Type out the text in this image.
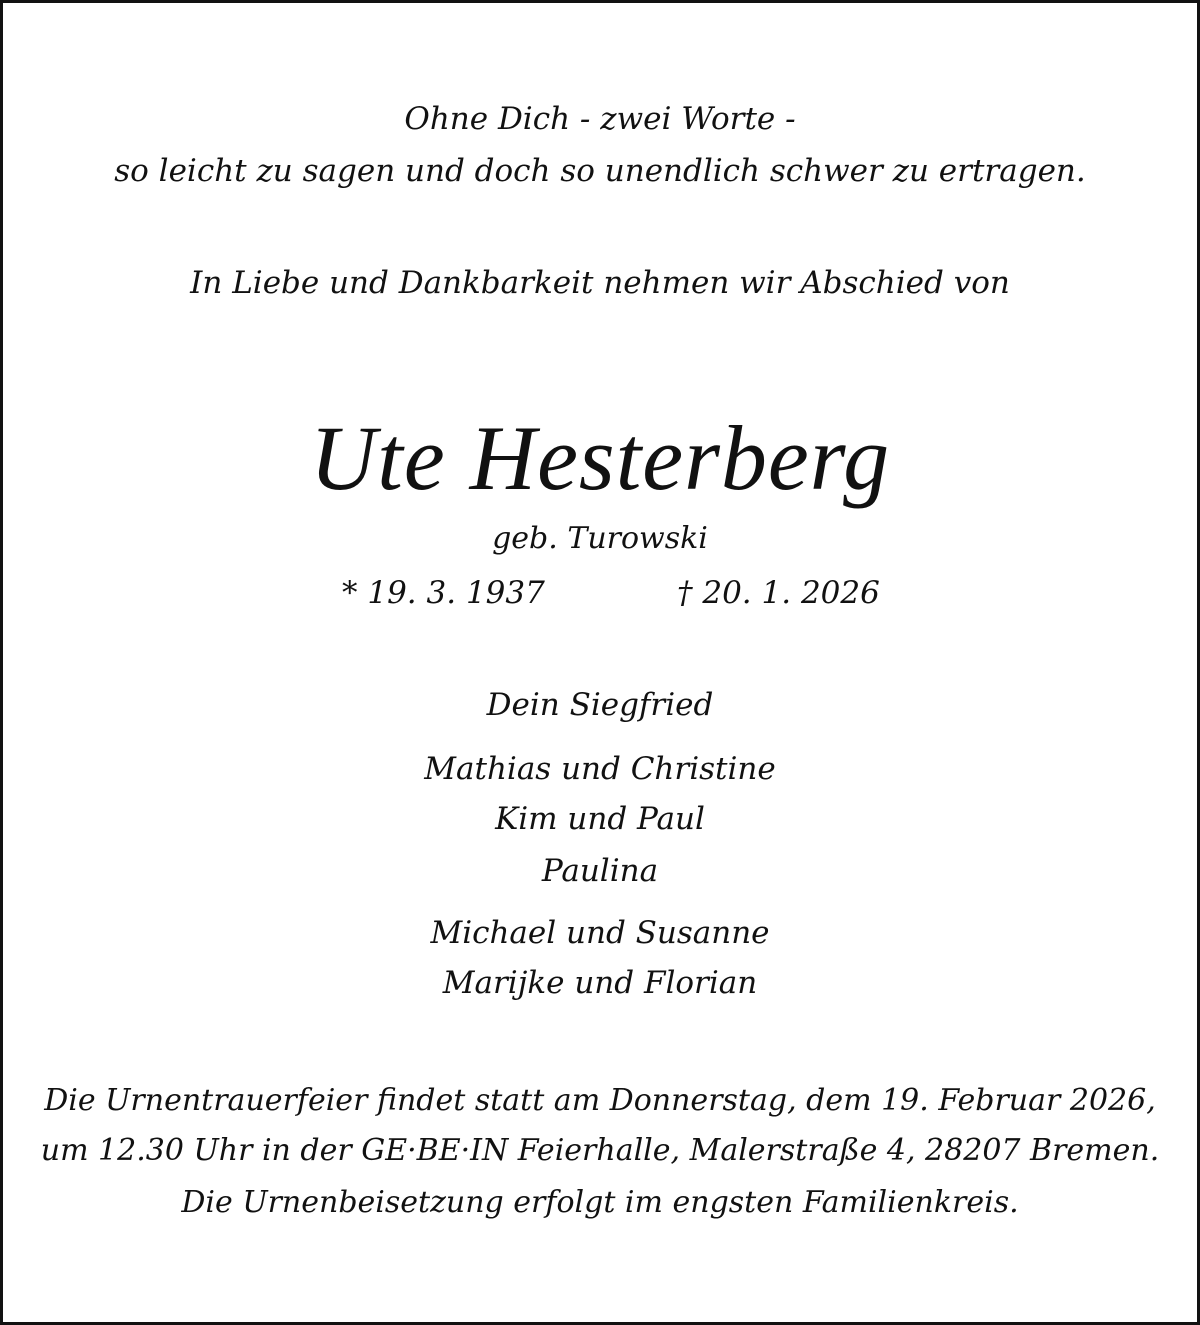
Ohne Dich - zwei Worte -
so leicht zu sagen und doch so unendlich schwer zu ertragen.
In Liebe und Dankbarkeit nehmen wir Abschied von
Ute Hesterberg
geb. Turowski
* 19. 3. 1937	† 20. 1. 2026
Dein Siegfried
Mathias und Christine
Kim und Paul
Paulina
Michael und Susanne
Marijke und Florian
Die Urnentrauerfeier findet statt am Donnerstag, dem 19. Februar 2026,
um 12.30 Uhr in der GE·BE·IN Feierhalle, Malerstraße 4, 28207 Bremen.
Die Urnenbeisetzung erfolgt im engsten Familienkreis.
